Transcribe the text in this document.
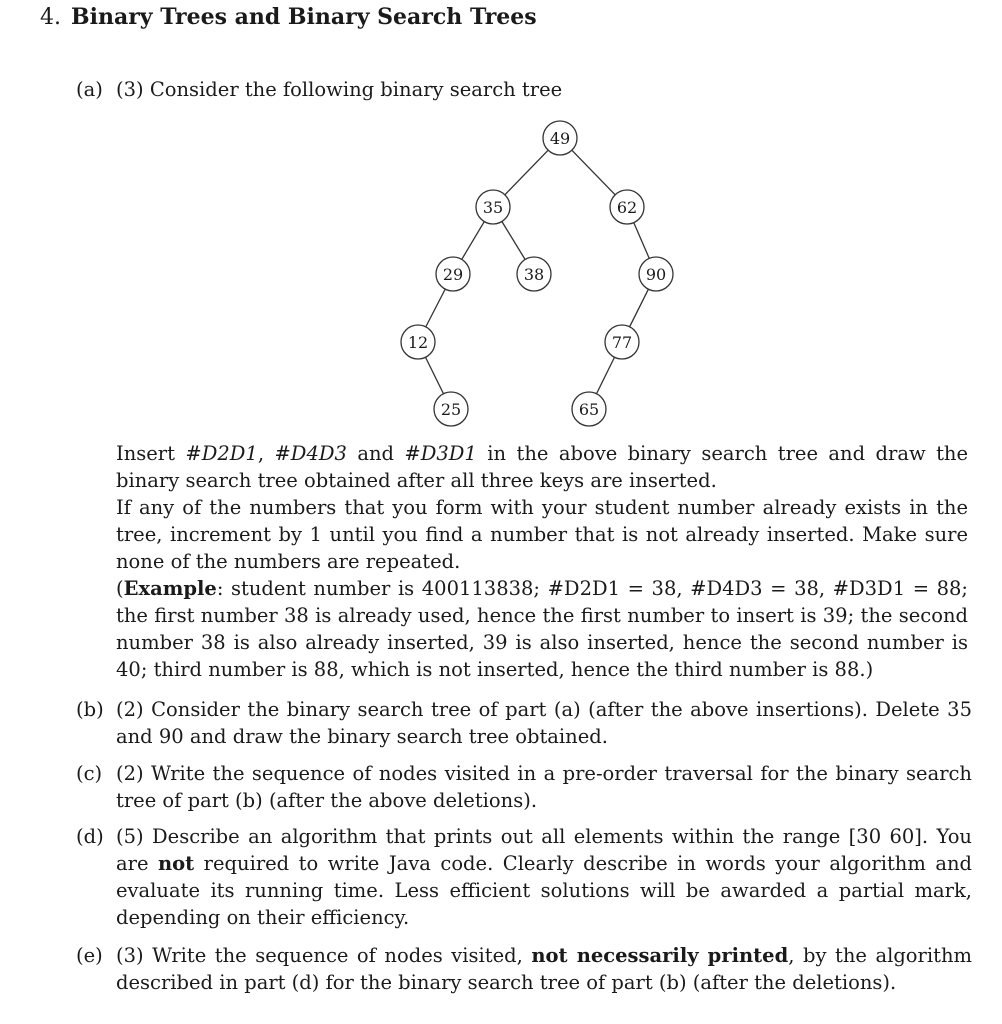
4. Binary Trees and Binary Search Trees
(a) (3) Consider the following binary search tree
49
35	62
29	38	90
12	77
25	65

Insert #D2D1, #D4D3 and #D3D1 in the above binary search tree and draw the binary search tree obtained after all three keys are inserted.

If any of the numbers that you form with your student number already exists in the tree, increment by 1 until you find a number that is not already inserted. Make sure none of the numbers are repeated.

(Example: student number is 400113838; #D2D1 = 38, #D4D3 = 38, #D3D1 = 88; the first number 38 is already used, hence the first number to insert is 39; the second number 38 is also already inserted, 39 is also inserted, hence the second number is 40; third number is 88, which is not inserted, hence the third number is 88.)

(b) (2) Consider the binary search tree of part (a) (after the above insertions). Delete 35 and 90 and draw the binary search tree obtained.
(c) (2) Write the sequence of nodes visited in a pre-order traversal for the binary search tree of part (b) (after the above deletions).
(d) (5) Describe an algorithm that prints out all elements within the range [30 60]. You are not required to write Java code. Clearly describe in words your algorithm and evaluate its running time. Less efficient solutions will be awarded a partial mark, depending on their efficiency.
(e) (3) Write the sequence of nodes visited, not necessarily printed, by the algorithm described in part (d) for the binary search tree of part (b) (after the deletions).
